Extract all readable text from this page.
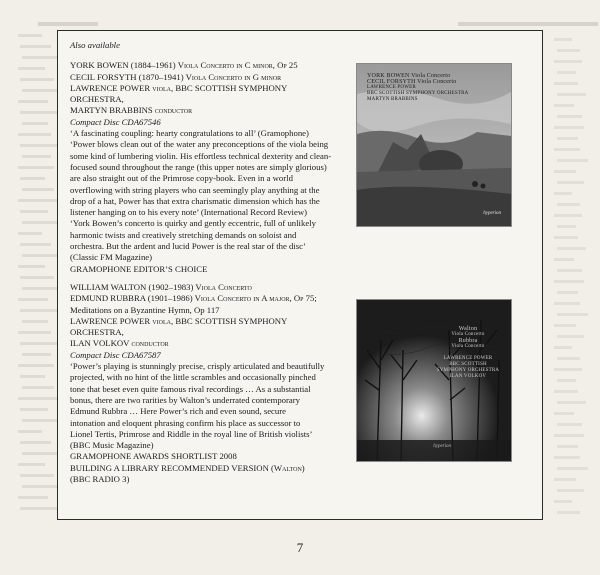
Also available

YORK BOWEN (1884–1961) Viola Concerto in C minor, Op 25

CECIL FORSYTH (1870–1941) Viola Concerto in G minor

LAWRENCE POWER viola, BBC SCOTTISH SYMPHONY ORCHESTRA,

MARTYN BRABBINS conductor

Compact Disc CDA67546

‘A fascinating coupling: hearty congratulations to all’ (Gramophone)

‘Power blows clean out of the water any preconceptions of the viola being

some kind of lumbering violin. His effortless technical dexterity and clean-

focused sound throughout the range (this upper notes are simply glorious)

are also straight out of the Primrose copy-book. Even in a world

overflowing with string players who can seemingly play anything at the

drop of a hat, Power has that extra charismatic dimension which has the

listener hanging on to his every note’ (International Record Review)

‘York Bowen’s concerto is quirky and gently eccentric, full of unlikely

harmonic twists and creatively stretching demands on soloist and

orchestra. But the ardent and lucid Power is the real star of the disc’

(Classic FM Magazine)

GRAMOPHONE EDITOR’S CHOICE

WILLIAM WALTON (1902–1983) Viola Concerto

EDMUND RUBBRA (1901–1986) Viola Concerto in A major, Op 75;

Meditations on a Byzantine Hymn, Op 117

LAWRENCE POWER viola, BBC SCOTTISH SYMPHONY ORCHESTRA,

ILAN VOLKOV conductor

Compact Disc CDA67587

‘Power’s playing is stunningly precise, crisply articulated and beautifully

projected, with no hint of the little scrambles and occasionally pinched

tone that beset even quite famous rival recordings … As a substantial

bonus, there are two rarities by Walton’s underrated contemporary

Edmund Rubbra … Here Power’s rich and even sound, secure

intonation and eloquent phrasing confirm his place as successor to

Lionel Tertis, Primrose and Riddle in the royal line of British violists’

(BBC Music Magazine)

GRAMOPHONE AWARDS SHORTLIST 2008

BUILDING A LIBRARY RECOMMENDED VERSION (Walton)

(BBC RADIO 3)

YORK BOWEN Viola Concerto
CECIL FORSYTH Viola Concerto
LAWRENCE POWER
BBC SCOTTISH SYMPHONY ORCHESTRA
MARTYN BRABBINS
hyperion
Walton
Viola Concerto
Rubbra
Viola Concerto
LAWRENCE POWER
BBC SCOTTISH
SYMPHONY ORCHESTRA
ILAN VOLKOV
hyperion
7
